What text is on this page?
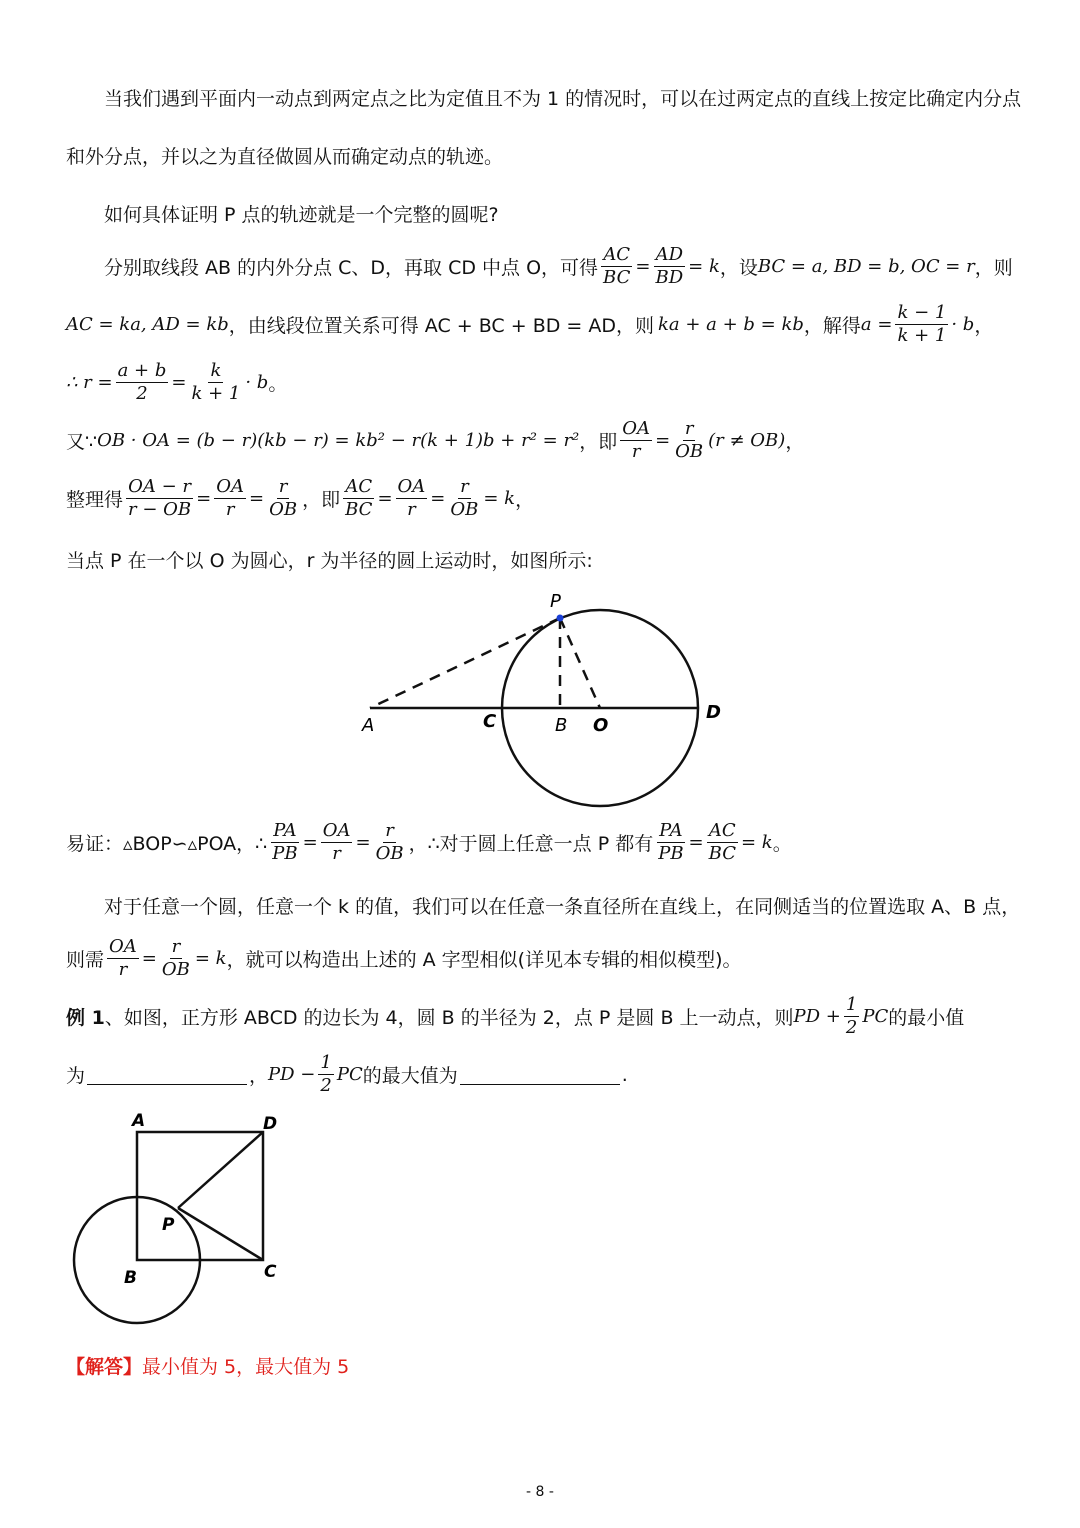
当我们遇到平面内一动点到两定点之比为定值且不为 1 的情况时，可以在过两定点的直线上按定比确定内分点
和外分点，并以之为直径做圆从而确定动点的轨迹。
如何具体证明 P 点的轨迹就是一个完整的圆呢?
分别取线段 AB 的内外分点 C、D，再取 CD 中点 O，可得 $\frac{AC}{BC} = \frac{AD}{BD} = k$ ，设 BC = a, BD = b, OC = r ，则
AC = ka, AD = kb ，由线段位置关系可得 AC + BC + BD = AD，则 ka + a + b = kb ，解得 $a = \frac{k - 1}{k + 1} \cdot b$ ，
∴ $r = \frac{a + b}{2} = \frac{k}{k + 1} \cdot b$ 。
又∵ OB · OA = (b − r)(kb − r) = kb² − r(k + 1)b + r² = r² ，即 $\frac{OA}{r} = \frac{r}{OB} (r \ne OB)$ ，
整理得 $\frac{OA - r}{r - OB} = \frac{OA}{r} = \frac{r}{OB}$ ，即 $\frac{AC}{BC} = \frac{OA}{r} = \frac{r}{OB} = k$ ，
当点 P 在一个以 O 为圆心，r 为半径的圆上运动时，如图所示:
P
A	C	B O
D
易证：▵BOP∽▵POA，∴ $\frac{PA}{PB} = \frac{OA}{r} = \frac{r}{OB}$ ，∴对于圆上任意一点 P 都有 $\frac{PA}{PB} = \frac{AC}{BC} = k$ 。
对于任意一个圆，任意一个 k 的值，我们可以在任意一条直径所在直线上，在同侧适当的位置选取 A、B 点，
则需 $\frac{OA}{r} = \frac{r}{OB} = k$ ，就可以构造出上述的 A 字型相似(详见本专辑的相似模型)。
例 1 、如图，正方形 ABCD 的边长为 4，圆 B 的半径为 2，点 P 是圆 B 上一动点，则 PD + $\frac{1}{2}$ PC 的最小值
为	， PD − $\frac{1}{2}$ PC 的最大值为	.
A	D
P
B	C
【解答】 最小值为 5，最大值为 5
- 8 -
